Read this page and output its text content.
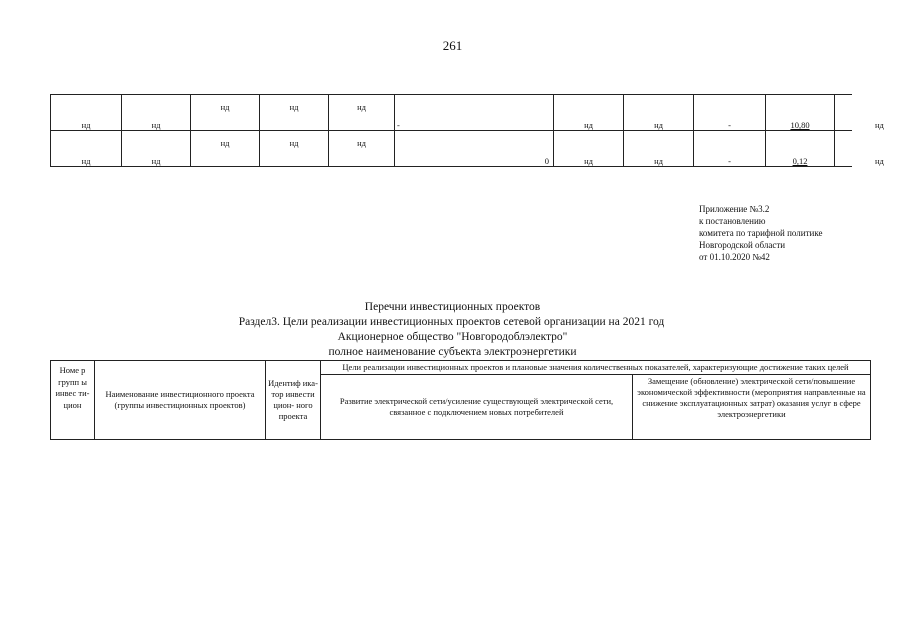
261
нд	нд	нд	нд	нд	-	нд	нд	-	10,80	нд
нд	нд	нд	нд	нд	0	нд	нд	-	0,12	нд
Приложение №3.2
к постановлению
комитета по тарифной политике
Новгородской области
от 01.10.2020 №42
Перечни инвестиционных проектов
Раздел3. Цели реализации инвестиционных проектов сетевой организации на 2021 год
Акционерное общество "Новгородоблэлектро"
полное наименование субъекта электроэнергетики
Номе р групп ы инвес ти- цион	Наименование инвестиционного проекта (группы инвестиционных проектов)	Идентиф ика-тор инвести цион- ного проекта	Цели реализации инвестиционных проектов и плановые значения количественных показателей, характеризующие достижение таких целей	
			Развитие электрической сети/усиление существующей электрической сети, связанное с подключением новых потребителей	Замещение (обновление) электрической сети/повышение экономической эффективности (мероприятия направленные на снижение эксплуатационных затрат) оказания услуг в сфере электроэнергетики
